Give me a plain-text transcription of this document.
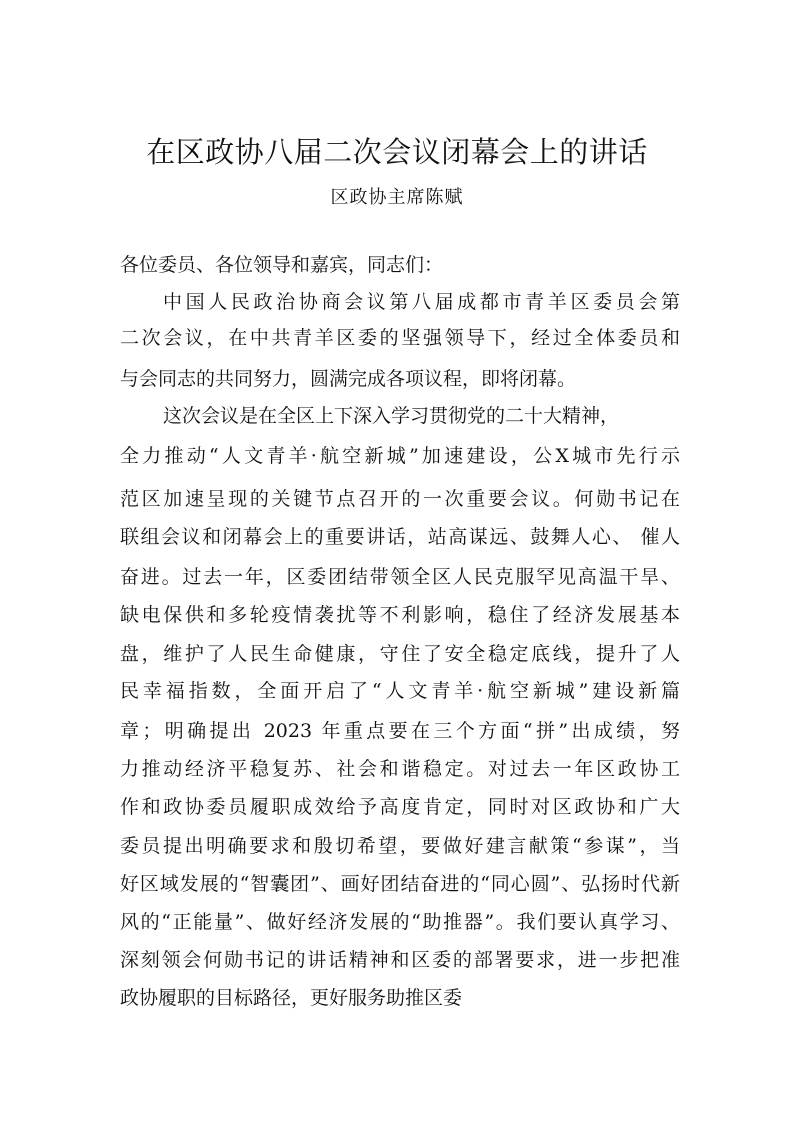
在区政协八届二次会议闭幕会上的讲话
区政协主席陈赋
各位委员、各位领导和嘉宾，同志们：
中国人民政治协商会议第八届成都市青羊区委员会第
二次会议，在中共青羊区委的坚强领导下，经过全体委员和
与会同志的共同努力，圆满完成各项议程，即将闭幕。
这次会议是在全区上下深入学习贯彻党的二十大精神，
全力推动“人文青羊·航空新城”加速建设，公X城市先行示
范区加速呈现的关键节点召开的一次重要会议。何勋书记在
联组会议和闭幕会上的重要讲话，站高谋远、鼓舞人心、 催人
奋进。过去一年，区委团结带领全区人民克服罕见高温干旱、
缺电保供和多轮疫情袭扰等不利影响，稳住了经济发展基本
盘，维护了人民生命健康，守住了安全稳定底线，提升了人
民幸福指数，全面开启了“人文青羊·航空新城”建设新篇
章；明确提出 2023 年重点要在三个方面“拼”出成绩，努
力推动经济平稳复苏、社会和谐稳定。对过去一年区政协工
作和政协委员履职成效给予高度肯定，同时对区政协和广大
委员提出明确要求和殷切希望，要做好建言献策“参谋”，当
好区域发展的“智囊团”、画好团结奋进的“同心圆”、弘扬时代新
风的“正能量”、做好经济发展的“助推器”。我们要认真学习、
深刻领会何勋书记的讲话精神和区委的部署要求，进一步把准
政协履职的目标路径，更好服务助推区委
